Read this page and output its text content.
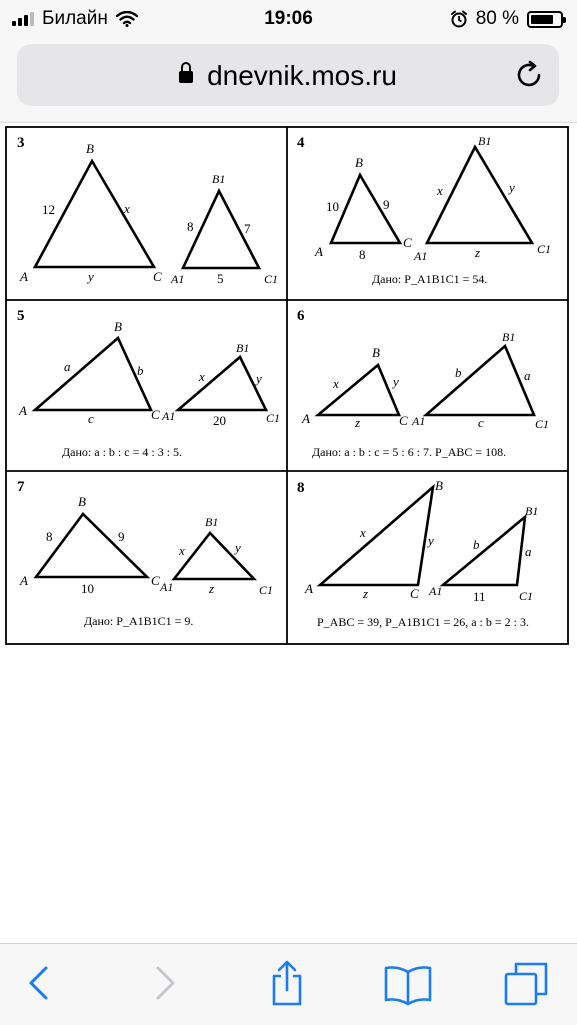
Билайн	19:06	80 %
dnevnik.mos.ru
3
A
B
C
12	x
y	A1
B1
C1
8	7
5
4
A
B
C
10	9
8	A1
B1
C1
x	y
z
Дано: P_A1B1C1 = 54.
5
A
B
C
a	b
c	A1
B1
C1
x	y
20
Дано: a : b : c = 4 : 3 : 5.
6
A
B
C
x	y
z	A1
B1
C1
b	a
c
Дано: a : b : c = 5 : 6 : 7. P_ABC = 108.
7
A
B
C
8	9
10	A1
B1
C1
x	y
z
Дано: P_A1B1C1 = 9.
8
A
B
C
x
y
z	A1
B1
C1
b	a
11
P_ABC = 39, P_A1B1C1 = 26, a : b = 2 : 3.
